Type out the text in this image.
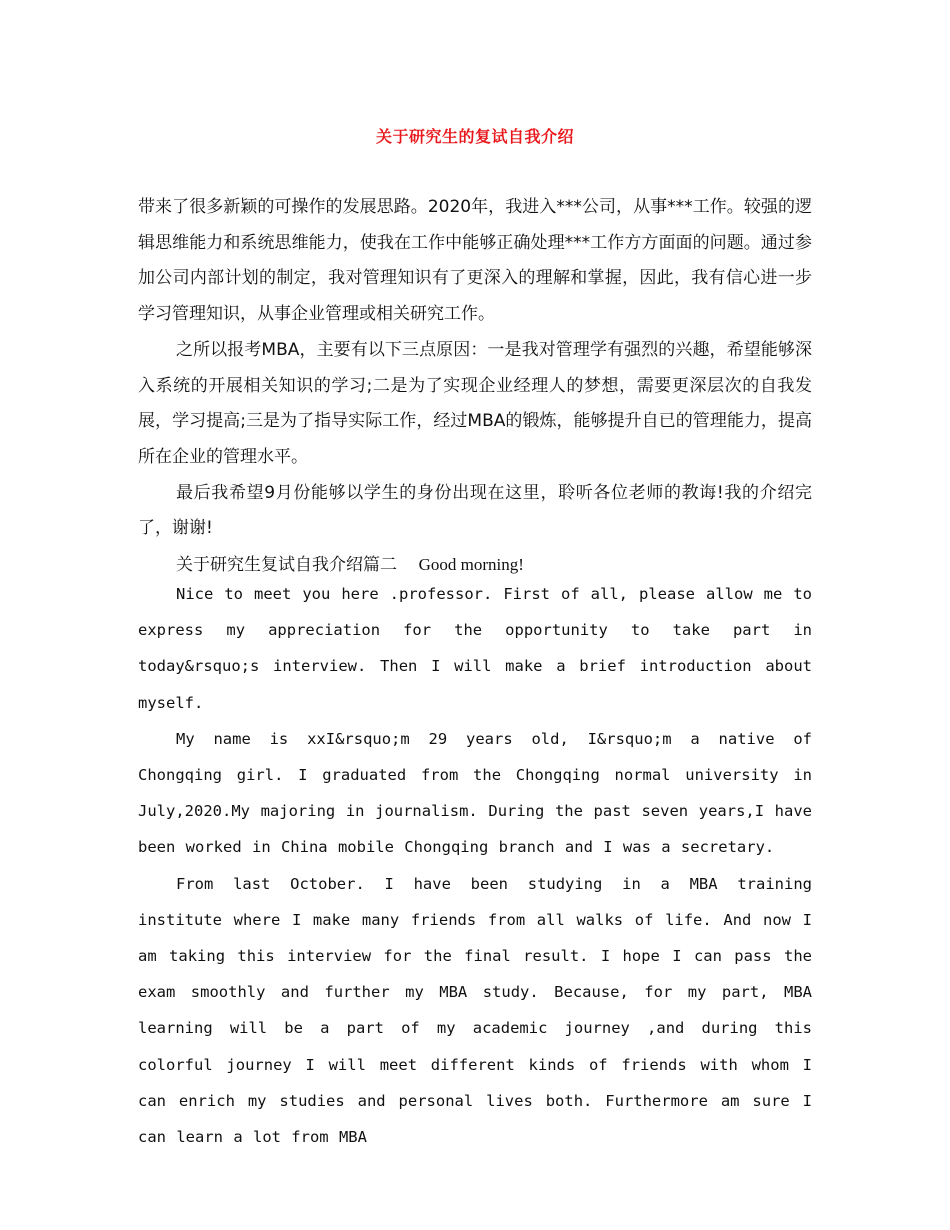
关于研究生的复试自我介绍

带来了很多新颖的可操作的发展思路。2020年，我进入***公司，从事***工作。较强的逻辑思维能力和系统思维能力，使我在工作中能够正确处理***工作方方面面的问题。通过参加公司内部计划的制定，我对管理知识有了更深入的理解和掌握，因此，我有信心进一步学习管理知识，从事企业管理或相关研究工作。

之所以报考MBA，主要有以下三点原因：一是我对管理学有强烈的兴趣，希望能够深入系统的开展相关知识的学习;二是为了实现企业经理人的梦想，需要更深层次的自我发展，学习提高;三是为了指导实际工作，经过MBA的锻炼，能够提升自已的管理能力，提高所在企业的管理水平。

最后我希望9月份能够以学生的身份出现在这里，聆听各位老师的教诲!我的介绍完了，谢谢!

关于研究生复试自我介绍篇二 Good morning!

Nice to meet you here .professor. First of all, please allow me to express my appreciation for the opportunity to take part in today&rsquo;s interview. Then I will make a brief introduction about myself.

My name is xxI&rsquo;m 29 years old, I&rsquo;m a native of Chongqing girl. I graduated from the Chongqing normal university in July,2020.My majoring in journalism. During the past seven years,I have been worked in China mobile Chongqing branch and I was a secretary.

From last October. I have been studying in a MBA training institute where I make many friends from all walks of life. And now I am taking this interview for the final result. I hope I can pass the exam smoothly and further my MBA study. Because, for my part, MBA learning will be a part of my academic journey ,and during this colorful journey I will meet different kinds of friends with whom I can enrich my studies and personal lives both. Furthermore am sure I can learn a lot from MBA
